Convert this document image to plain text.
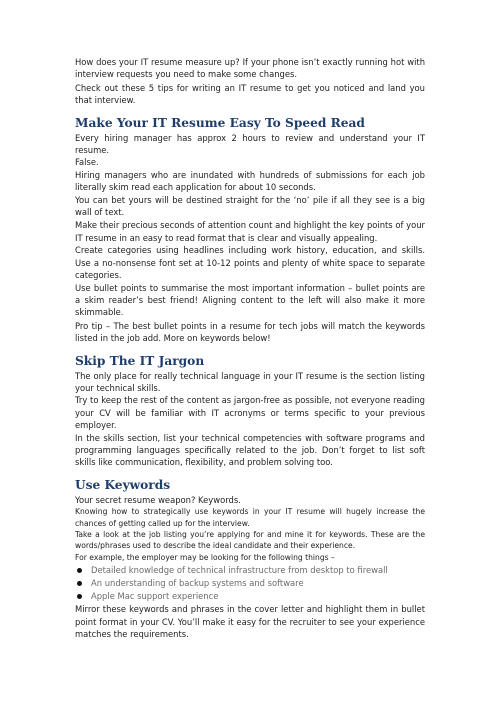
How does your IT resume measure up? If your phone isn’t exactly running hot with interview requests you need to make some changes.

Check out these 5 tips for writing an IT resume to get you noticed and land you that interview.

Make Your IT Resume Easy To Speed Read

Every hiring manager has approx 2 hours to review and understand your IT resume.

False.

Hiring managers who are inundated with hundreds of submissions for each job literally skim read each application for about 10 seconds.

You can bet yours will be destined straight for the ‘no’ pile if all they see is a big wall of text.

Make their precious seconds of attention count and highlight the key points of your IT resume in an easy to read format that is clear and visually appealing.

Create categories using headlines including work history, education, and skills. Use a no-nonsense font set at 10-12 points and plenty of white space to separate categories.

Use bullet points to summarise the most important information – bullet points are a skim reader’s best friend! Aligning content to the left will also make it more skimmable.

Pro tip – The best bullet points in a resume for tech jobs will match the keywords listed in the job add. More on keywords below!

Skip The IT Jargon

The only place for really technical language in your IT resume is the section listing your technical skills.

Try to keep the rest of the content as jargon-free as possible, not everyone reading your CV will be familiar with IT acronyms or terms specific to your previous employer.

In the skills section, list your technical competencies with software programs and programming languages specifically related to the job. Don’t forget to list soft skills like communication, flexibility, and problem solving too.

Use Keywords

Your secret resume weapon? Keywords.

Knowing how to strategically use keywords in your IT resume will hugely increase the chances of getting called up for the interview.

Take a look at the job listing you’re applying for and mine it for keywords. These are the words/phrases used to describe the ideal candidate and their experience.

For example, the employer may be looking for the following things –

Detailed knowledge of technical infrastructure from desktop to firewall
An understanding of backup systems and software
Apple Mac support experience

Mirror these keywords and phrases in the cover letter and highlight them in bullet point format in your CV. You’ll make it easy for the recruiter to see your experience matches the requirements.
